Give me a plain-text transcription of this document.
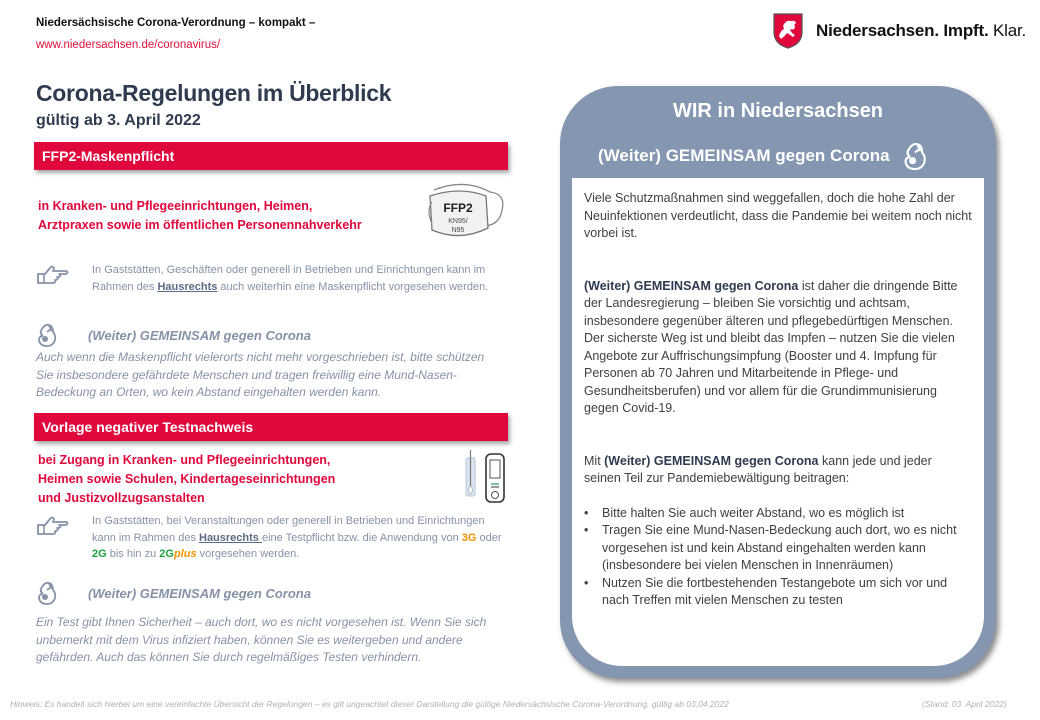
Niedersächsische Corona-Verordnung – kompakt –
www.niedersachsen.de/coronavirus/
Niedersachsen. Impft. Klar.
Corona-Regelungen im Überblick
gültig ab 3. April 2022
FFP2-Maskenpflicht
in Kranken- und Pflegeeinrichtungen, Heimen,
Arztpraxen sowie im öffentlichen Personennahverkehr
FFP2
KN95/
N95
In Gaststätten, Geschäften oder generell in Betrieben und Einrichtungen kann im Rahmen des Hausrechts auch weiterhin eine Maskenpflicht vorgesehen werden.
(Weiter) GEMEINSAM gegen Corona
Auch wenn die Maskenpflicht vielerorts nicht mehr vorgeschrieben ist, bitte schützen Sie insbesondere gefährdete Menschen und tragen freiwillig eine Mund-Nasen-Bedeckung an Orten, wo kein Abstand eingehalten werden kann.
Vorlage negativer Testnachweis
bei Zugang in Kranken- und Pflegeeinrichtungen,
Heimen sowie Schulen, Kindertageseinrichtungen
und Justizvollzugsanstalten
In Gaststätten, bei Veranstaltungen oder generell in Betrieben und Einrichtungen kann im Rahmen des Hausrechts eine Testpflicht bzw. die Anwendung von 3G oder 2G bis hin zu 2Gplus vorgesehen werden.
(Weiter) GEMEINSAM gegen Corona
Ein Test gibt Ihnen Sicherheit – auch dort, wo es nicht vorgesehen ist. Wenn Sie sich unbemerkt mit dem Virus infiziert haben, können Sie es weitergeben und andere gefährden. Auch das können Sie durch regelmäßiges Testen verhindern.
WIR in Niedersachsen
(Weiter) GEMEINSAM gegen Corona

Viele Schutzmaßnahmen sind weggefallen, doch die hohe Zahl der Neuinfektionen verdeutlicht, dass die Pandemie bei weitem noch nicht vorbei ist.

(Weiter) GEMEINSAM gegen Corona ist daher die dringende Bitte der Landesregierung – bleiben Sie vorsichtig und achtsam, insbesondere gegenüber älteren und pflegebedürftigen Menschen.

Der sicherste Weg ist und bleibt das Impfen – nutzen Sie die vielen Angebote zur Auffrischungsimpfung (Booster und 4. Impfung für Personen ab 70 Jahren und Mitarbeitende in Pflege- und Gesundheitsberufen) und vor allem für die Grundimmunisierung gegen Covid-19.

Mit (Weiter) GEMEINSAM gegen Corona kann jede und jeder seinen Teil zur Pandemiebewältigung beitragen:

• Bitte halten Sie auch weiter Abstand, wo es möglich ist
• Tragen Sie eine Mund-Nasen-Bedeckung auch dort, wo es nicht vorgesehen ist und kein Abstand eingehalten werden kann (insbesondere bei vielen Menschen in Innenräumen)
• Nutzen Sie die fortbestehenden Testangebote um sich vor und nach Treffen mit vielen Menschen zu testen
Hinweis: Es handelt sich hierbei um eine vereinfachte Übersicht der Regelungen – es gilt ungeachtet dieser Darstellung die gültige Niedersächsische Corona-Verordnung, gültig ab 03.04.2022	(Stand: 03. April 2022)
